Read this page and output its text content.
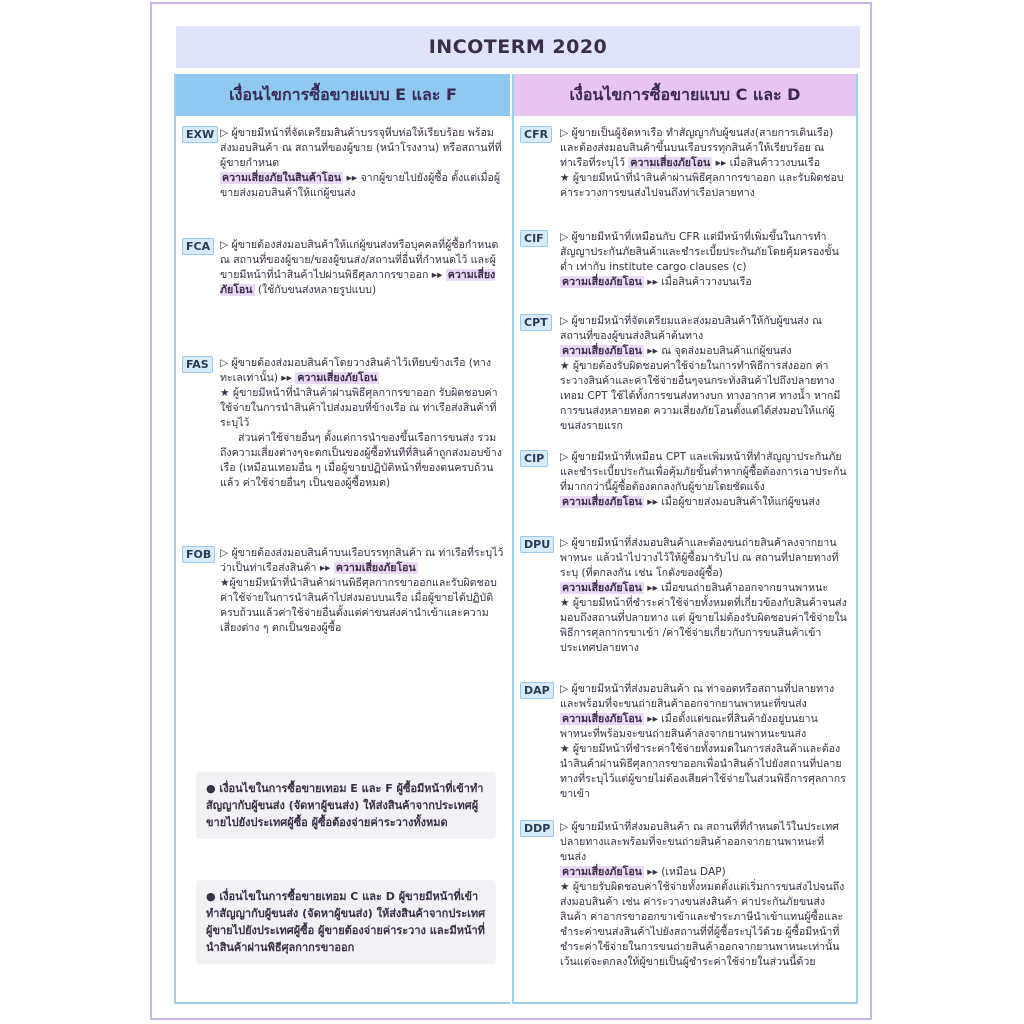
INCOTERM 2020
เงื่อนไขการซื้อขายแบบ E และ F
EXW ▷ ผู้ขายมีหน้าที่จัดเตรียมสินค้าบรรจุหีบห่อให้เรียบร้อย พร้อมส่งมอบสินค้า ณ สถานที่ของผู้ขาย (หน้าโรงงาน) หรือสถานที่ที่ผู้ขายกำหนด
ความเสี่ยงภัยในสินค้าโอน ▸▸ จากผู้ขายไปยังผู้ซื้อ ตั้งแต่เมื่อผู้ขายส่งมอบสินค้าให้แก่ผู้ขนส่ง
FCA ▷ ผู้ขายต้องส่งมอบสินค้าให้แก่ผู้ขนส่งหรือบุคคลที่ผู้ซื้อกำหนด ณ สถานที่ของผู้ขาย/ของผู้ขนส่ง/สถานที่อื่นที่กำหนดไว้ และผู้ขายมีหน้าที่นำสินค้าไปผ่านพิธีศุลกากรขาออก ▸▸ ความเสี่ยงภัยโอน (ใช้กับขนส่งหลายรูปแบบ)
FAS	▷ ผู้ขายต้องส่งมอบสินค้าโดยวางสินค้าไว้เทียบข้างเรือ (ทางทะเลเท่านั้น) ▸▸ ความเสี่ยงภัยโอน
★ ผู้ขายมีหน้าที่นำสินค้าผ่านพิธีศุลกากรขาออก รับผิดชอบค่าใช้จ่ายในการนำสินค้าไปส่งมอบที่ข้างเรือ ณ ท่าเรือส่งสินค้าที่ระบุไว้
ส่วนค่าใช้จ่ายอื่นๆ ตั้งแต่การนำของขึ้นเรือการขนส่ง รวมถึงความเสี่ยงต่างๆจะตกเป็นของผู้ซื้อทันทีที่สินค้าถูกส่งมอบข้างเรือ (เหมือนเทอมอื่น ๆ เมื่อผู้ขายปฏิบัติหน้าที่ของตนครบถ้วนแล้ว ค่าใช้จ่ายอื่นๆ เป็นของผู้ซื้อหมด)
FOB ▷ ผู้ขายต้องส่งมอบสินค้าบนเรือบรรทุกสินค้า ณ ท่าเรือที่ระบุไว้ว่าเป็นท่าเรือส่งสินค้า ▸▸ ความเสี่ยงภัยโอน
★ผู้ขายมีหน้าที่นำสินค้าผ่านพิธีศุลกากรขาออกและรับผิดชอบค่าใช้จ่ายในการนำสินค้าไปส่งมอบบนเรือ เมื่อผู้ขายได้ปฏิบัติครบถ้วนแล้วค่าใช้จ่ายอื่นตั้งแต่ค่าขนส่งค่านำเข้าและความเสี่ยงต่าง ๆ ตกเป็นของผู้ซื้อ
● เงื่อนไขในการซื้อขายเทอม E และ F ผู้ซื้อมีหน้าที่เข้าทำสัญญากับผู้ขนส่ง (จัดหาผู้ขนส่ง) ให้ส่งสินค้าจากประเทศผู้ขายไปยังประเทศผู้ซื้อ ผู้ซื้อต้องจ่ายค่าระวางทั้งหมด
● เงื่อนไขในการซื้อขายเทอม C และ D ผู้ขายมีหน้าที่เข้าทำสัญญากับผู้ขนส่ง (จัดหาผู้ขนส่ง) ให้ส่งสินค้าจากประเทศผู้ขายไปยังประเทศผู้ซื้อ ผู้ขายต้องจ่ายค่าระวาง และมีหน้าที่นำสินค้าผ่านพิธีศุลกากรขาออก
เงื่อนไขการซื้อขายแบบ C และ D
CFR	▷ ผู้ขายเป็นผู้จัดหาเรือ ทำสัญญากับผู้ขนส่ง(สายการเดินเรือ) และต้องส่งมอบสินค้าขึ้นบนเรือบรรทุกสินค้าให้เรียบร้อย ณ ท่าเรือที่ระบุไว้ ความเสี่ยงภัยโอน ▸▸ เมื่อสินค้าวางบนเรือ
★ ผู้ขายมีหน้าที่นำสินค้าผ่านพิธีศุลกากรขาออก และรับผิดชอบค่าระวางการขนส่งไปจนถึงท่าเรือปลายทาง
CIF	▷ ผู้ขายมีหน้าที่เหมือนกับ CFR แต่มีหน้าที่เพิ่มขึ้นในการทำสัญญาประกันภัยสินค้าและชำระเบี้ยประกันภัยโดยคุ้มครองขั้นต่ำ เท่ากับ institute cargo clauses (c)
ความเสี่ยงภัยโอน ▸▸ เมื่อสินค้าวางบนเรือ
CPT	▷ ผู้ขายมีหน้าที่จัดเตรียมและส่งมอบสินค้าให้กับผู้ขนส่ง ณ สถานที่ของผู้ขนส่งสินค้าต้นทาง
ความเสี่ยงภัยโอน ▸▸ ณ จุดส่งมอบสินค้าแก่ผู้ขนส่ง
★ ผู้ขายต้องรับผิดชอบค่าใช้จ่ายในการทำพิธีการส่งออก ค่าระวางสินค้าและค่าใช้จ่ายอื่นๆจนกระทั่งสินค้าไปถึงปลายทาง เทอม CPT ใช้ได้ทั้งการขนส่งทางบก ทางอากาศ ทางน้ำ หากมีการขนส่งหลายทอด ความเสี่ยงภัยโอนตั้งแต่ได้ส่งมอบให้แก่ผู้ขนส่งรายแรก
CIP	▷ ผู้ขายมีหน้าที่เหมือน CPT และเพิ่มหน้าที่ทำสัญญาประกันภัยและชำระเบี้ยประกันเพื่อคุ้มภัยขั้นต่ำหากผู้ซื้อต้องการเอาประกันที่มากกว่านี้ผู้ซื้อต้องตกลงกับผู้ขายโดยชัดแจ้ง
ความเสี่ยงภัยโอน ▸▸ เมื่อผู้ขายส่งมอบสินค้าให้แก่ผู้ขนส่ง
DPU ▷ ผู้ขายมีหน้าที่ส่งมอบสินค้าและต้องขนถ่ายสินค้าลงจากยานพาหนะ แล้วนำไปวางไว้ให้ผู้ซื้อมารับไป ณ สถานที่ปลายทางที่ระบุ (ที่ตกลงกัน เช่น โกดังของผู้ซื้อ)
ความเสี่ยงภัยโอน ▸▸ เมื่อขนถ่ายสินค้าออกจากยานพาหนะ
★ ผู้ขายมีหน้าที่ชำระค่าใช้จ่ายทั้งหมดที่เกี่ยวข้องกับสินค้าจนส่งมอบถึงสถานที่ปลายทาง แต่ ผู้ขายไม่ต้องรับผิดชอบค่าใช้จ่ายในพิธีการศุลกากรขาเข้า /ค่าใช้จ่ายเกี่ยวกับการขนสินค้าเข้าประเทศปลายทาง
DAP ▷ ผู้ขายมีหน้าที่ส่งมอบสินค้า ณ ท่าจอดหรือสถานที่ปลายทางและพร้อมที่จะขนถ่ายสินค้าออกจากยานพาหนะที่ขนส่ง
ความเสี่ยงภัยโอน ▸▸ เมื่อตั้งแต่ขณะที่สินค้ายังอยู่บนยานพาหนะที่พร้อมจะขนถ่ายสินค้าลงจากยานพาหนะขนส่ง
★ ผู้ขายมีหน้าที่ชำระค่าใช้จ่ายทั้งหมดในการส่งสินค้าและต้องนำสินค้าผ่านพิธีศุลกากรขาออกเพื่อนำสินค้าไปยังสถานที่ปลายทางที่ระบุไว้แต่ผู้ขายไม่ต้องเสียค่าใช้จ่ายในส่วนพิธีการศุลกากรขาเข้า
DDP ▷ ผู้ขายมีหน้าที่ส่งมอบสินค้า ณ สถานที่ที่กำหนดไว้ในประเทศปลายทางและพร้อมที่จะขนถ่ายสินค้าออกจากยานพาหนะที่ขนส่ง
ความเสี่ยงภัยโอน ▸▸ (เหมือน DAP)
★ ผู้ขายรับผิดชอบค่าใช้จ่ายทั้งหมดตั้งแต่เริ่มการขนส่งไปจนถึงส่งมอบสินค้า เช่น ค่าระวางขนส่งสินค้า ค่าประกันภัยขนส่งสินค้า ค่าอากรขาออกขาเข้าและชำระภาษีนำเข้าแทนผู้ซื้อและชำระค่าขนส่งสินค้าไปยังสถานที่ที่ผู้ซื้อระบุไว้ด้วย ผู้ซื้อมีหน้าที่ชำระค่าใช้จ่ายในการขนถ่ายสินค้าออกจากยานพาหนะเท่านั้น เว้นแต่จะตกลงให้ผู้ขายเป็นผู้ชำระค่าใช้จ่ายในส่วนนี้ด้วย
